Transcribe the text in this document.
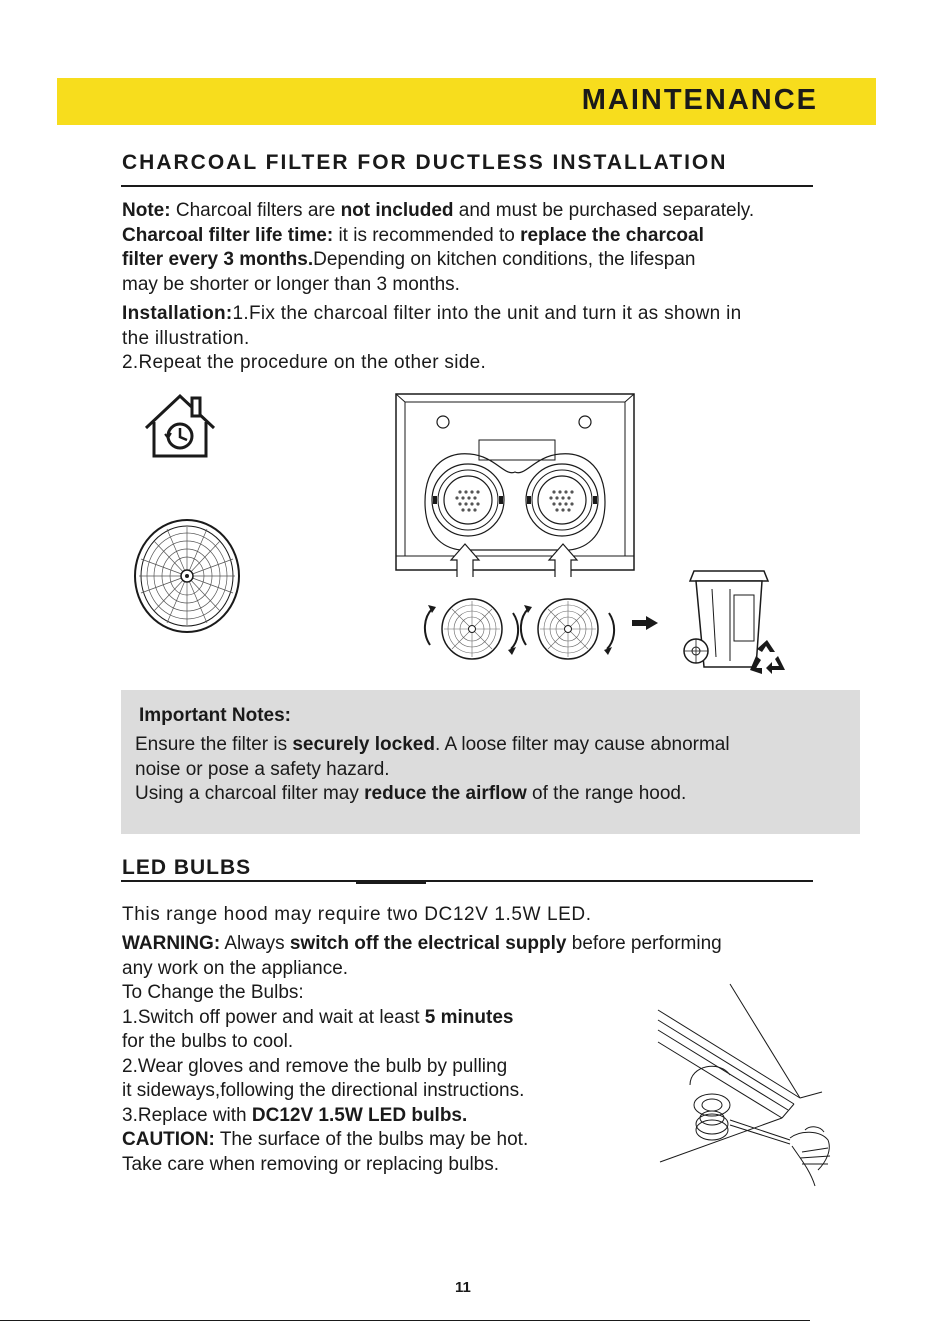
MAINTENANCE
CHARCOAL FILTER FOR DUCTLESS INSTALLATION
Note: Charcoal filters are not included and must be purchased separately.
Charcoal filter life time: it is recommended to replace the charcoal
filter every 3 months.Depending on kitchen conditions, the lifespan
may be shorter or longer than 3 months.
Installation:1.Fix the charcoal filter into the unit and turn it as shown in
the illustration.
2.Repeat the procedure on the other side.
Important Notes:
Ensure the filter is securely locked. A loose filter may cause abnormal
noise or pose a safety hazard.
Using a charcoal filter may reduce the airflow of the range hood.
LED BULBS
This range hood may require two DC12V 1.5W LED.
WARNING: Always switch off the electrical supply before performing
any work on the appliance.
To Change the Bulbs:
1.Switch off power and wait at least 5 minutes
for the bulbs to cool.
2.Wear gloves and remove the bulb by pulling
it sideways,following the directional instructions.
3.Replace with DC12V 1.5W LED bulbs.
CAUTION: The surface of the bulbs may be hot.
Take care when removing or replacing bulbs.
11
